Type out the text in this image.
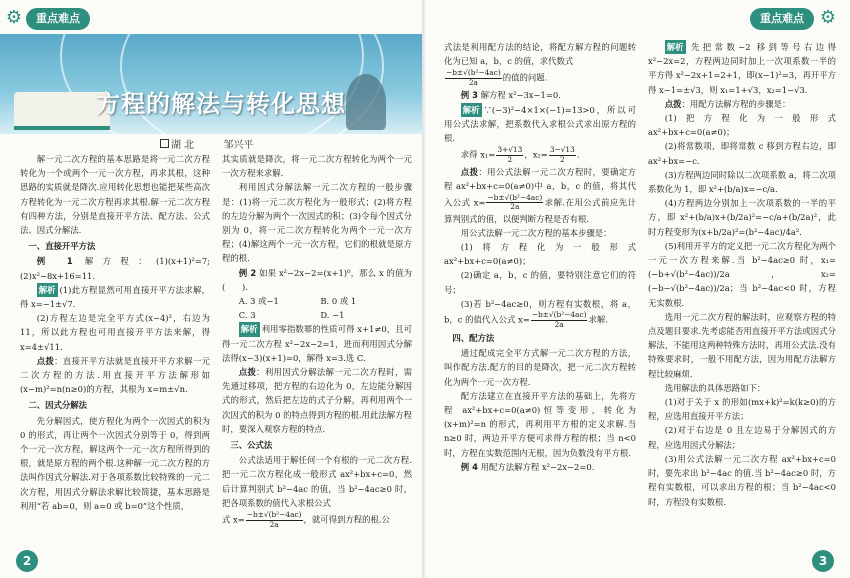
⚙	重点难点
方程的解法与转化思想
湖 北	邹兴平

解一元二次方程的基本思路是将一元二次方程转化为一个或两个一元一次方程，再求其根，这种思路的实质就是降次.应用转化思想也能把某些高次方程转化为一元二次方程再求其根.解一元二次方程有四种方法，分别是直接开平方法、配方法、公式法、因式分解法.

一、直接开平方法

例 1 解方程：(1)(x+1)²=7;(2)x²−8x+16=11.

解析 (1)此方程显然可用直接开平方法求解，得 x=−1±√7.

(2)方程左边是完全平方式(x−4)²，右边为 11，所以此方程也可用直接开平方法来解，得 x=4±√11.

点拨：直接开平方法就是直接开平方求解一元二次方程的方法.用直接开平方法解形如(x−m)²=n(n≥0)的方程，其根为 x=m±√n.

二、因式分解法

先分解因式，使方程化为两个一次因式的积为 0 的形式，再让两个一次因式分别等于 0，得到两个一元一次方程，解这两个一元一次方程所得到的根，就是原方程的两个根.这种解一元二次方程的方法叫作因式分解法.对于各项系数比较特殊的一元二次方程，用因式分解法求解比较简捷，基本思路是利用“若 ab=0，则 a=0 或 b=0”这个性质，

其实质就是降次，将一元二次方程转化为两个一元一次方程来求解.

利用因式分解法解一元二次方程的一般步骤是：(1)将一元二次方程化为一般形式；(2)将方程的左边分解为两个一次因式的积；(3)令每个因式分别为 0，将一元二次方程转化为两个一元一次方程；(4)解这两个一元一次方程，它们的根就是原方程的根.

例 2 如果 x²−2x−2=(x+1)⁰，那么 x 的值为(　　).

A. 3 或−1	B. 0 或 1

C. 3	D. −1

解析 利用零指数幂的性质可得 x+1≠0，且可得一元二次方程 x²−2x−2=1，进而利用因式分解法得(x−3)(x+1)=0，解得 x=3.选 C.

点拨：利用因式分解法解一元二次方程时，需先通过移项，把方程的右边化为 0，左边能分解因式的形式，然后把左边的式子分解，再利用两个一次因式的积为 0 的特点得到方程的根.用此法解方程时，要深入观察方程的特点.

三、公式法

公式法适用于解任何一个有根的一元二次方程.把一元二次方程化成一般形式 ax²+bx+c=0，然后计算判别式 b²−4ac 的值，当 b²−4ac≥0 时，把各项系数的值代入求根公式

式 $x= \frac{\text{−b±√(b²−4ac)}}{2a}$ ，就可得到方程的根.公

2
重点难点 ⚙

式法是利用配方法的结论，将配方解方程的问题转化为已知 a，b，c 的值，求代数式

$\frac{\text{−b±√(b²−4ac)}}{2a}$ 的值的问题.

例 3 解方程 x²−3x−1=0.

解析 ∵(−3)²−4×1×(−1)=13>0，所以可用公式法求解，把系数代入求根公式求出原方程的根.

求得 $x_1= \frac{3+√13}{2}$ ，$x_2= \frac{3-√13}{2}$ .

点拨：用公式法解一元二次方程时，要确定方程 ax²+bx+c=0(a≠0)中 a，b，c 的值，将其代入公式 $x= \frac{\text{−b±√(b²−4ac)}}{2a}$ 求解.在用公式前应先计算判别式的值，以便判断方程是否有根.

用公式法解一元二次方程的基本步骤是：

(1)将方程化为一般形式 ax²+bx+c=0(a≠0)；

(2)确定 a，b，c 的值，要特别注意它们的符号；

(3)若 b²−4ac≥0，则方程有实数根，将 a，b，c 的值代入公式 $x= \frac{\text{−b±√(b²−4ac)}}{2a}$ 求解.

四、配方法

通过配成完全平方式解一元二次方程的方法，叫作配方法.配方的目的是降次，把一元二次方程转化为两个一元一次方程.

配方法建立在直接开平方法的基础上，先将方程 ax²+bx+c=0(a≠0)恒等变形，转化为(x+m)²=n 的形式，再利用平方根的定义求解.当 n≥0 时，两边开平方便可求得方程的根；当 n<0 时，方程在实数范围内无根，因为负数没有平方根.

例 4 用配方法解方程 x²−2x−2=0.

解析 先把常数−2 移到等号右边得 x²−2x=2，方程两边同时加上一次项系数一半的平方得 x²−2x+1=2+1，即(x−1)²=3，再开平方得 x−1=±√3，则 x₁=1+√3，x₂=1−√3.

点拨：用配方法解方程的步骤是：

(1)把方程化为一般形式 ax²+bx+c=0(a≠0)；

(2)将常数项，即将常数 c 移到方程右边，即 ax²+bx=−c.

(3)方程两边同时除以二次项系数 a，将二次项系数化为 1，即 x²+(b/a)x=−c/a.

(4)方程两边分别加上一次项系数的一半的平方，即 x²+(b/a)x+(b/2a)²=−c/a+(b/2a)²，此时方程变形为(x+b/2a)²=(b²−4ac)/4a².

(5)利用开平方的定义把一元二次方程化为两个一元一次方程来解.当 b²−4ac≥0 时，x₁=(−b+√(b²−4ac))/2a，x₂=(−b−√(b²−4ac))/2a；当 b²−4ac<0 时，方程无实数根.

选用一元二次方程的解法时，应观察方程的特点及题目要求.先考虑能否用直接开平方法或因式分解法，不能用这两种特殊方法时，再用公式法.没有特殊要求时，一般不用配方法，因为用配方法解方程比较麻烦.

选用解法的具体思路如下：

(1)对于关于 x 的形如(mx+k)²=k(k≥0)的方程，应选用直接开平方法；

(2)对于右边是 0 且左边易于分解因式的方程，应选用因式分解法；

(3)用公式法解一元二次方程 ax²+bx+c=0 时，要先求出 b²−4ac 的值.当 b²−4ac≥0 时，方程有实数根，可以求出方程的根；当 b²−4ac<0 时，方程没有实数根.

3
